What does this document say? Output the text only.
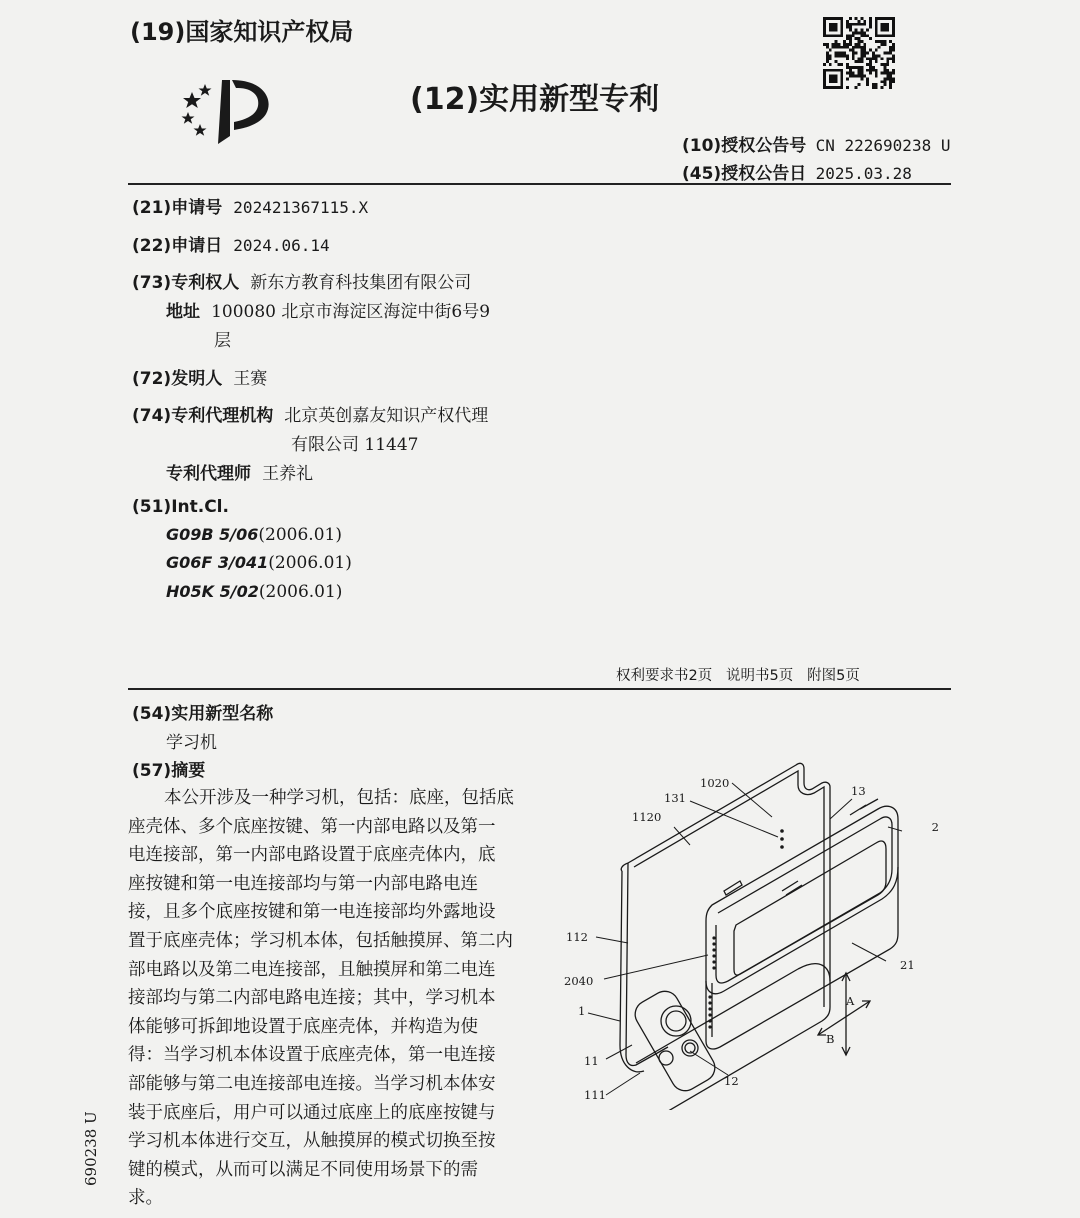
(19)国家知识产权局
(12)实用新型专利
(10)授权公告号 CN 222690238 U
(45)授权公告日 2025.03.28
(21)申请号 202421367115.X
(22)申请日 2024.06.14
(73)专利权人 新东方教育科技集团有限公司
地址 100080 北京市海淀区海淀中街6号9
层
(72)发明人 王赛
(74)专利代理机构 北京英创嘉友知识产权代理
有限公司 11447
专利代理师 王养礼
(51)Int.Cl.
G09B 5/06(2006.01)
G06F 3/041(2006.01)
H05K 5/02(2006.01)
权利要求书2页   说明书5页   附图5页
(54)实用新型名称
学习机
(57)摘要
本公开涉及一种学习机，包括：底座，包括底
座壳体、多个底座按键、第一内部电路以及第一
电连接部，第一内部电路设置于底座壳体内，底
座按键和第一电连接部均与第一内部电路电连
接，且多个底座按键和第一电连接部均外露地设
置于底座壳体；学习机本体，包括触摸屏、第二内
部电路以及第二电连接部，且触摸屏和第二电连
接部均与第二内部电路电连接；其中，学习机本
体能够可拆卸地设置于底座壳体，并构造为使
得：当学习机本体设置于底座壳体，第一电连接
部能够与第二电连接部电连接。当学习机本体安
装于底座后，用户可以通过底座上的底座按键与
学习机本体进行交互，从触摸屏的模式切换至按
键的模式，从而可以满足不同使用场景下的需
求。
690238 U
1020
131	13
1120
2
112
2040
21
1
11
111
12
A
B
